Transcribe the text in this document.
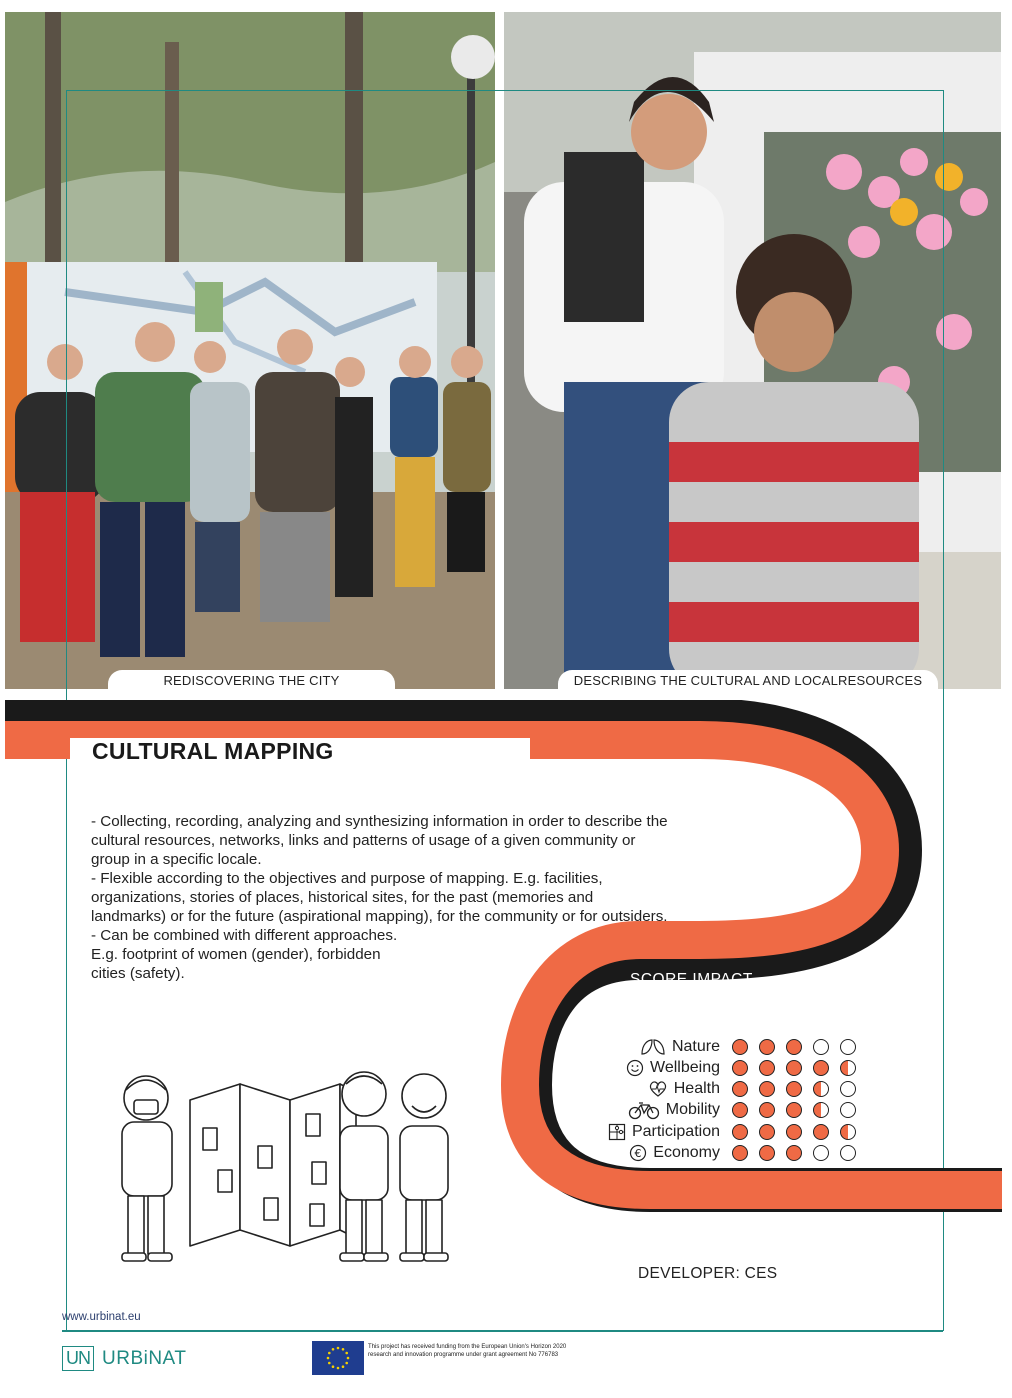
REDISCOVERING THE CITY	DESCRIBING THE CULTURAL AND LOCALRESOURCES
CULTURAL MAPPING

- Collecting, recording, analyzing and synthesizing information in order to describe the cultural resources, networks, links and patterns of usage of a given community or group in a specific locale.

- Flexible according to the objectives and purpose of mapping. E.g. facilities, organizations, stories of places, historical sites, for the past (memories and landmarks) or for the future (aspirational mapping), for the community or for outsiders.

- Can be combined with different approaches.

E.g. footprint of women (gender), forbidden

cities (safety).	SCORE IMPACT
Nature
Wellbeing
Health
Mobility
Participation
€ Economy
PARTICIPATORY SOLUTIONS
DEVELOPER: CES
www.urbinat.eu
UN URBiNAT
This project has received funding from the European Union's Horizon 2020 research and innovation programme under grant agreement No 776783
